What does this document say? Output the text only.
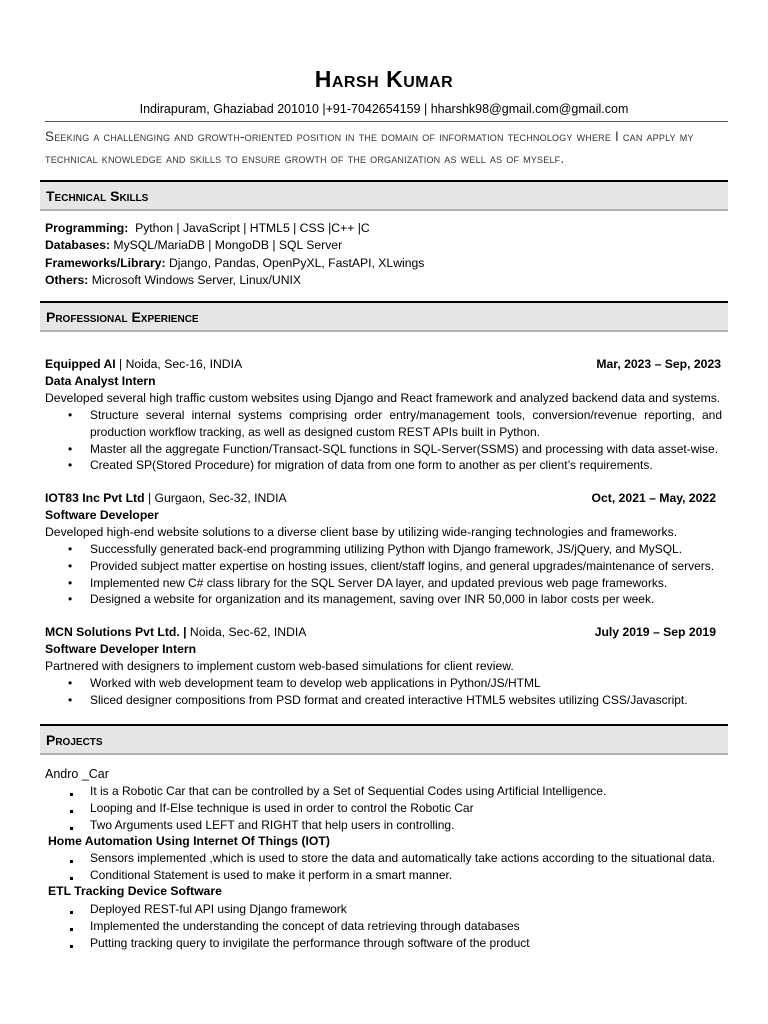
Harsh Kumar
Indirapuram, Ghaziabad 201010 |+91-7042654159 | hharshk98@gmail.com@gmail.com
Seeking a challenging and growth-oriented position in the domain of information technology where I can apply my technical knowledge and skills to ensure growth of the organization as well as of myself.
Technical Skills
Programming:  Python | JavaScript | HTML5 | CSS |C++ |C
Databases: MySQL/MariaDB | MongoDB | SQL Server
Frameworks/Library: Django, Pandas, OpenPyXL, FastAPI, XLwings
Others: Microsoft Windows Server, Linux/UNIX
Professional Experience
Equipped AI | Noida, Sec-16, INDIA	Mar, 2023 – Sep, 2023
Data Analyst Intern
Developed several high traffic custom websites using Django and React framework and analyzed backend data and systems.
• Structure several internal systems comprising order entry/management tools, conversion/revenue reporting, and production workflow tracking, as well as designed custom REST APIs built in Python.
• Master all the aggregate Function/Transact-SQL functions in SQL-Server(SSMS) and processing with data asset-wise.
• Created SP(Stored Procedure) for migration of data from one form to another as per client’s requirements.
IOT83 Inc Pvt Ltd | Gurgaon, Sec-32, INDIA	Oct, 2021 – May, 2022
Software Developer
Developed high-end website solutions to a diverse client base by utilizing wide-ranging technologies and frameworks.
• Successfully generated back-end programming utilizing Python with Django framework, JS/jQuery, and MySQL.
• Provided subject matter expertise on hosting issues, client/staff logins, and general upgrades/maintenance of servers.
• Implemented new C# class library for the SQL Server DA layer, and updated previous web page frameworks.
• Designed a website for organization and its management, saving over INR 50,000 in labor costs per week.
MCN Solutions Pvt Ltd. | Noida, Sec-62, INDIA	July 2019 – Sep 2019
Software Developer Intern
Partnered with designers to implement custom web-based simulations for client review.
• Worked with web development team to develop web applications in Python/JS/HTML
• Sliced designer compositions from PSD format and created interactive HTML5 websites utilizing CSS/Javascript.
Projects
Andro _Car
It is a Robotic Car that can be controlled by a Set of Sequential Codes using Artificial Intelligence.
Looping and If-Else technique is used in order to control the Robotic Car
Two Arguments used LEFT and RIGHT that help users in controlling.
Home Automation Using Internet Of Things (IOT)
Sensors implemented ,which is used to store the data and automatically take actions according to the situational data.
Conditional Statement is used to make it perform in a smart manner.
ETL Tracking Device Software
Deployed REST-ful API using Django framework
Implemented the understanding the concept of data retrieving through databases
Putting tracking query to invigilate the performance through software of the product
